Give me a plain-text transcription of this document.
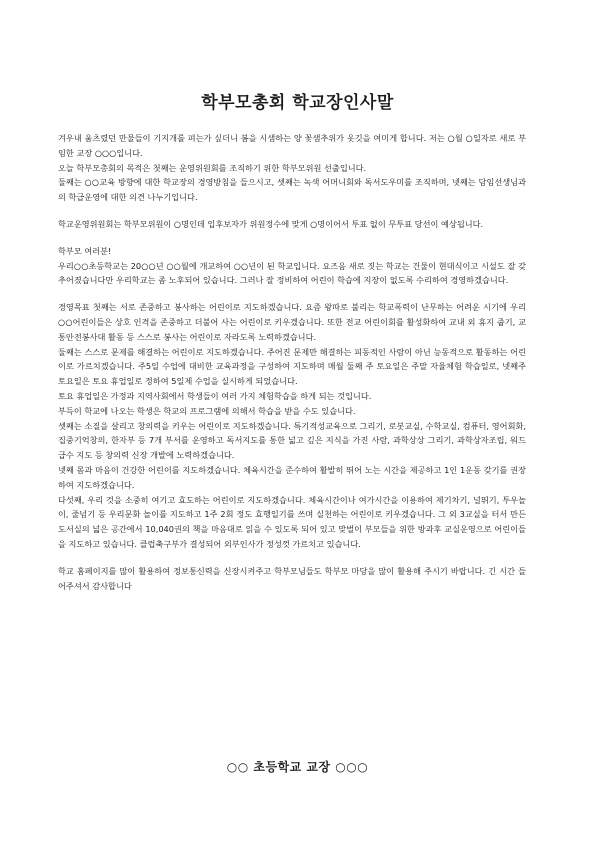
학부모총회 학교장인사말

겨우내 움츠렸던 만물들이 기지개를 펴는가 싶더니 봄을 시샘하는 양 꽃샘추위가 옷깃을 여미게 합니다. 저는 ○월 ○일자로 새로 부임한 교장 ○○○입니다.

오늘 학부모총회의 목적은 첫째는 운영위원회를 조직하기 위한 학부모위원 선출입니다.

둘째는 ○○교육 방향에 대한 학교장의 경영방침을 들으시고, 셋째는 녹색 어머니회와 독서도우미를 조직하며, 넷째는 담임선생님과의 학급운영에 대한 의견 나누기입니다.

학교운영위원회는 학부모위원이 ○명인데 입후보자가 위원정수에 맞게 ○명이어서 투표 없이 무투표 당선이 예상됩니다.

학부모 여러분!

우리○○초등학교는 20○○년 ○○월에 개교하여 ○○년이 된 학교입니다. 요즈음 새로 짓는 학교는 건물이 현대식이고 시설도 잘 갖추어졌습니다만 우리학교는 좀 노후되어 있습니다. 그러나 잘 정비하여 어린이 학습에 지장이 없도록 수리하여 경영하겠습니다.

경영목표 첫째는 서로 존중하고 봉사하는 어린이로 지도하겠습니다. 요즘 왕따로 불리는 학교폭력이 난무하는 어려운 시기에 우리 ○○어린이들은 상호 인격을 존중하고 더불어 사는 어린이로 키우겠습니다. 또한 전교 어린이회를 활성화하여 교내 외 휴지 줍기, 교통안전봉사대 활동 등 스스로 봉사는 어린이로 자라도록 노력하겠습니다.

둘째는 스스로 문제를 해결하는 어린이로 지도하겠습니다. 주어진 문제만 해결하는 피동적인 사람이 아닌 능동적으로 활동하는 어린이로 가르치겠습니다. 주5일 수업에 대비한 교육과정을 구성하여 지도하며 매월 둘째 주 토요일은 주말 자율체험 학습일로, 넷째주 토요일은 토요 휴업일로 정하여 5일제 수업을 실시하게 되었습니다.

토요 휴업일은 가정과 지역사회에서 학생들이 여러 가지 체험학습을 하게 되는 것입니다.

부득이 학교에 나오는 학생은 학교의 프로그램에 의해서 학습을 받을 수도 있습니다.

셋째는 소질을 살리고 창의력을 키우는 어린이로 지도하겠습니다. 특기적성교육으로 그리기, 로봇교실, 수학교실, 컴퓨터, 영어회화, 집중기억창의, 한자부 등 7개 부서를 운영하고 독서지도를 통한 넓고 깊은 지식을 가진 사람, 과학상상 그리기, 과학상자조립, 워드급수 지도 등 창의력 신장 개발에 노력하겠습니다.

넷째 몸과 마음이 건강한 어린이를 지도하겠습니다. 체육시간을 준수하여 활발히 뛰어 노는 시간을 제공하고 1인 1운동 갖기를 권장하여 지도하겠습니다.

다섯째, 우리 것을 소중히 여기고 효도하는 어린이로 지도하겠습니다. 체육시간이나 여가시간을 이용하여 제기차기, 널뛰기, 투우놀이, 줄넘기 등 우리문화 놀이를 지도하고 1주 2회 정도 효행일기를 쓰며 실천하는 어린이로 키우겠습니다. 그 외 3교실을 터서 만든 도서실의 넓은 공간에서 10,040권의 책을 마음대로 읽을 수 있도록 되어 있고 맞벌이 부모들을 위한 방과후 교실운영으로 어린이들을 지도하고 있습니다. 클럽축구부가 결성되어 외부인사가 정성껏 가르치고 있습니다.

학교 홈페이지를 많이 활용하여 정보통신력을 신장시켜주고 학부모님들도 학부모 마당을 많이 활용해 주시기 바랍니다. 긴 시간 들어주셔서 감사합니다

○○ 초등학교 교장 ○○○
